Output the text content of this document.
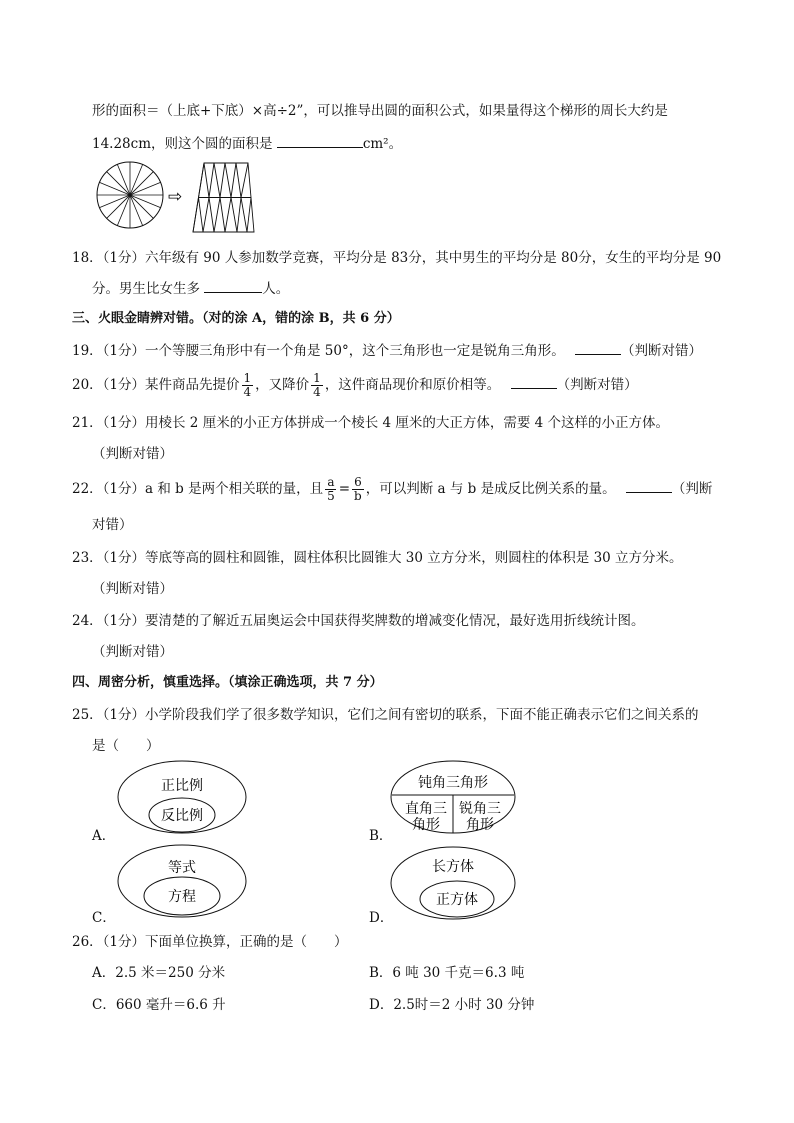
形的面积＝（上底+下底）×高÷2”，可以推导出圆的面积公式，如果量得这个梯形的周长大约是
14.28cm，则这个圆的面积是	cm²。
⇨
18．（1分）六年级有 90 人参加数学竞赛，平均分是 83分，其中男生的平均分是 80分，女生的平均分是 90
分。男生比女生多	人。
三、火眼金睛辨对错。（对的涂 A，错的涂 B，共 6 分）
19．（1分）一个等腰三角形中有一个角是 50°，这个三角形也一定是锐角三角形。	（判断对错）
20．（1分）某件商品先提价 $\frac{1}{4}$ ，又降价 $\frac{1}{4}$ ，这件商品现价和原价相等。	（判断对错）
21．（1分）用棱长 2 厘米的小正方体拼成一个棱长 4 厘米的大正方体，需要 4 个这样的小正方体。
（判断对错）
22．（1分）a 和 b 是两个相关联的量，且 $\frac{a}{5} = \frac{6}{b}$ ，可以判断 a 与 b 是成反比例关系的量。	（判断
对错）
23．（1分）等底等高的圆柱和圆锥，圆柱体积比圆锥大 30 立方分米，则圆柱的体积是 30 立方分米。
（判断对错）
24．（1分）要清楚的了解近五届奥运会中国获得奖牌数的增减变化情况，最好选用折线统计图。
（判断对错）
四、周密分析，慎重选择。（填涂正确选项，共 7 分）
25．（1分）小学阶段我们学了很多数学知识，它们之间有密切的联系，下面不能正确表示它们之间关系的
是（　　）
正比例
反比例
A．
钝角三角形
直角三
角形
锐角三
角形
B．
等式
方程
C．
长方体
正方体
D．
26．（1分）下面单位换算，正确的是（　　）
A．2.5 米＝250 分米	B．6 吨 30 千克＝6.3 吨
C．660 毫升＝6.6 升	D．2.5时＝2 小时 30 分钟
